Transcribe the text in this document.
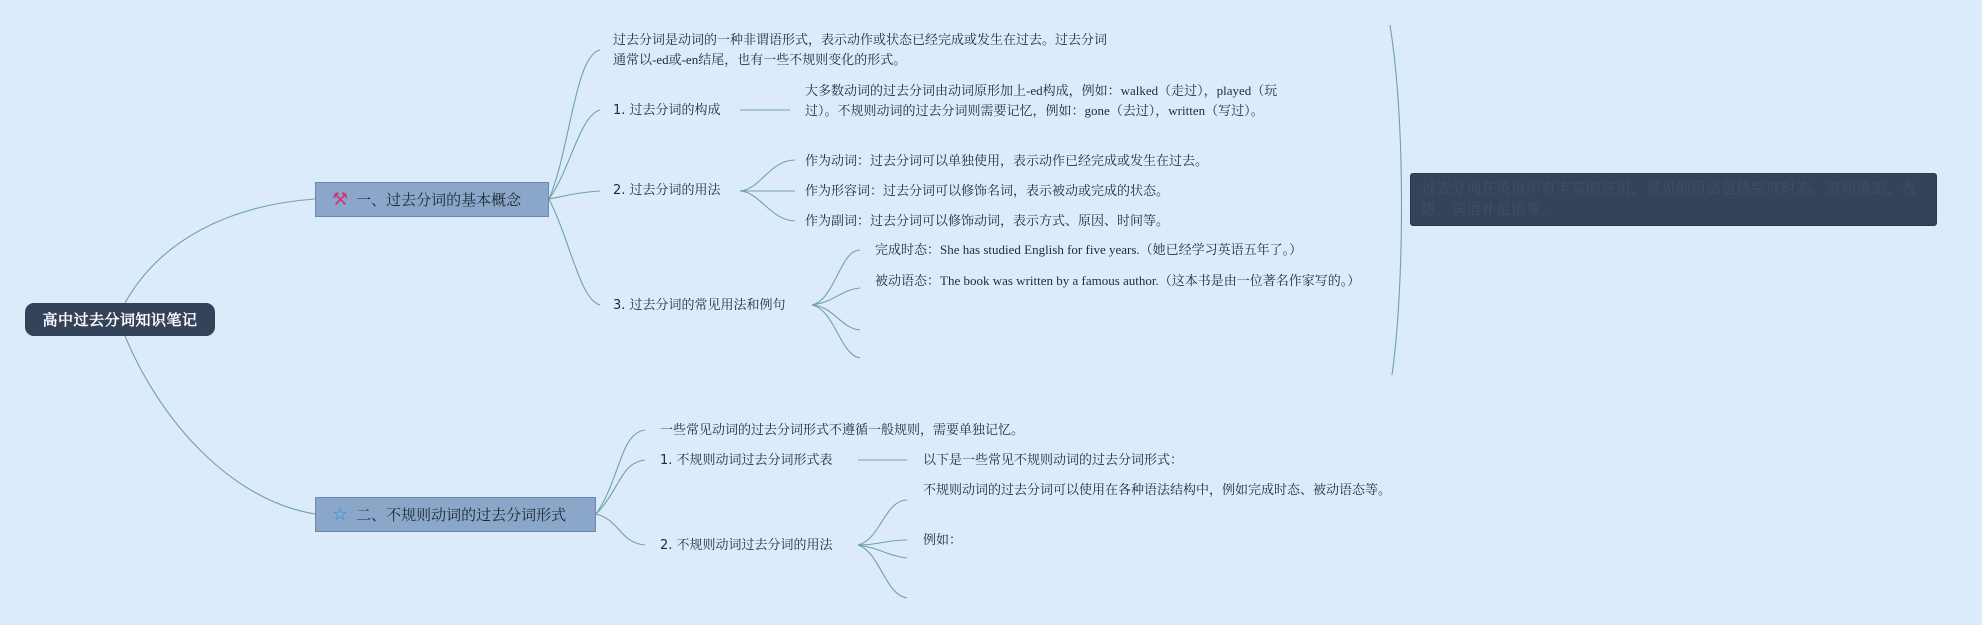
高中过去分词知识笔记
⚒ 一、过去分词的基本概念
过去分词是动词的一种非谓语形式，表示动作或状态已经完成或发生在过去。过去分词通常以-ed或-en结尾，也有一些不规则变化的形式。
1. 过去分词的构成
大多数动词的过去分词由动词原形加上-ed构成，例如：walked（走过），played（玩过）。不规则动词的过去分词则需要记忆，例如：gone（去过），written（写过）。
2. 过去分词的用法
作为动词：过去分词可以单独使用，表示动作已经完成或发生在过去。
作为形容词：过去分词可以修饰名词，表示被动或完成的状态。
作为副词：过去分词可以修饰动词，表示方式、原因、时间等。
3. 过去分词的常见用法和例句
完成时态：She has studied English for five years.（她已经学习英语五年了。）
被动语态：The book was written by a famous author.（这本书是由一位著名作家写的。）
过去分词在英语中有丰富的应用，常见的用法包括完成时态、被动语态、表语、宾语补足语等。
☆ 二、不规则动词的过去分词形式
一些常见动词的过去分词形式不遵循一般规则，需要单独记忆。
1. 不规则动词过去分词形式表	以下是一些常见不规则动词的过去分词形式：
2. 不规则动词过去分词的用法
不规则动词的过去分词可以使用在各种语法结构中，例如完成时态、被动语态等。
例如：
